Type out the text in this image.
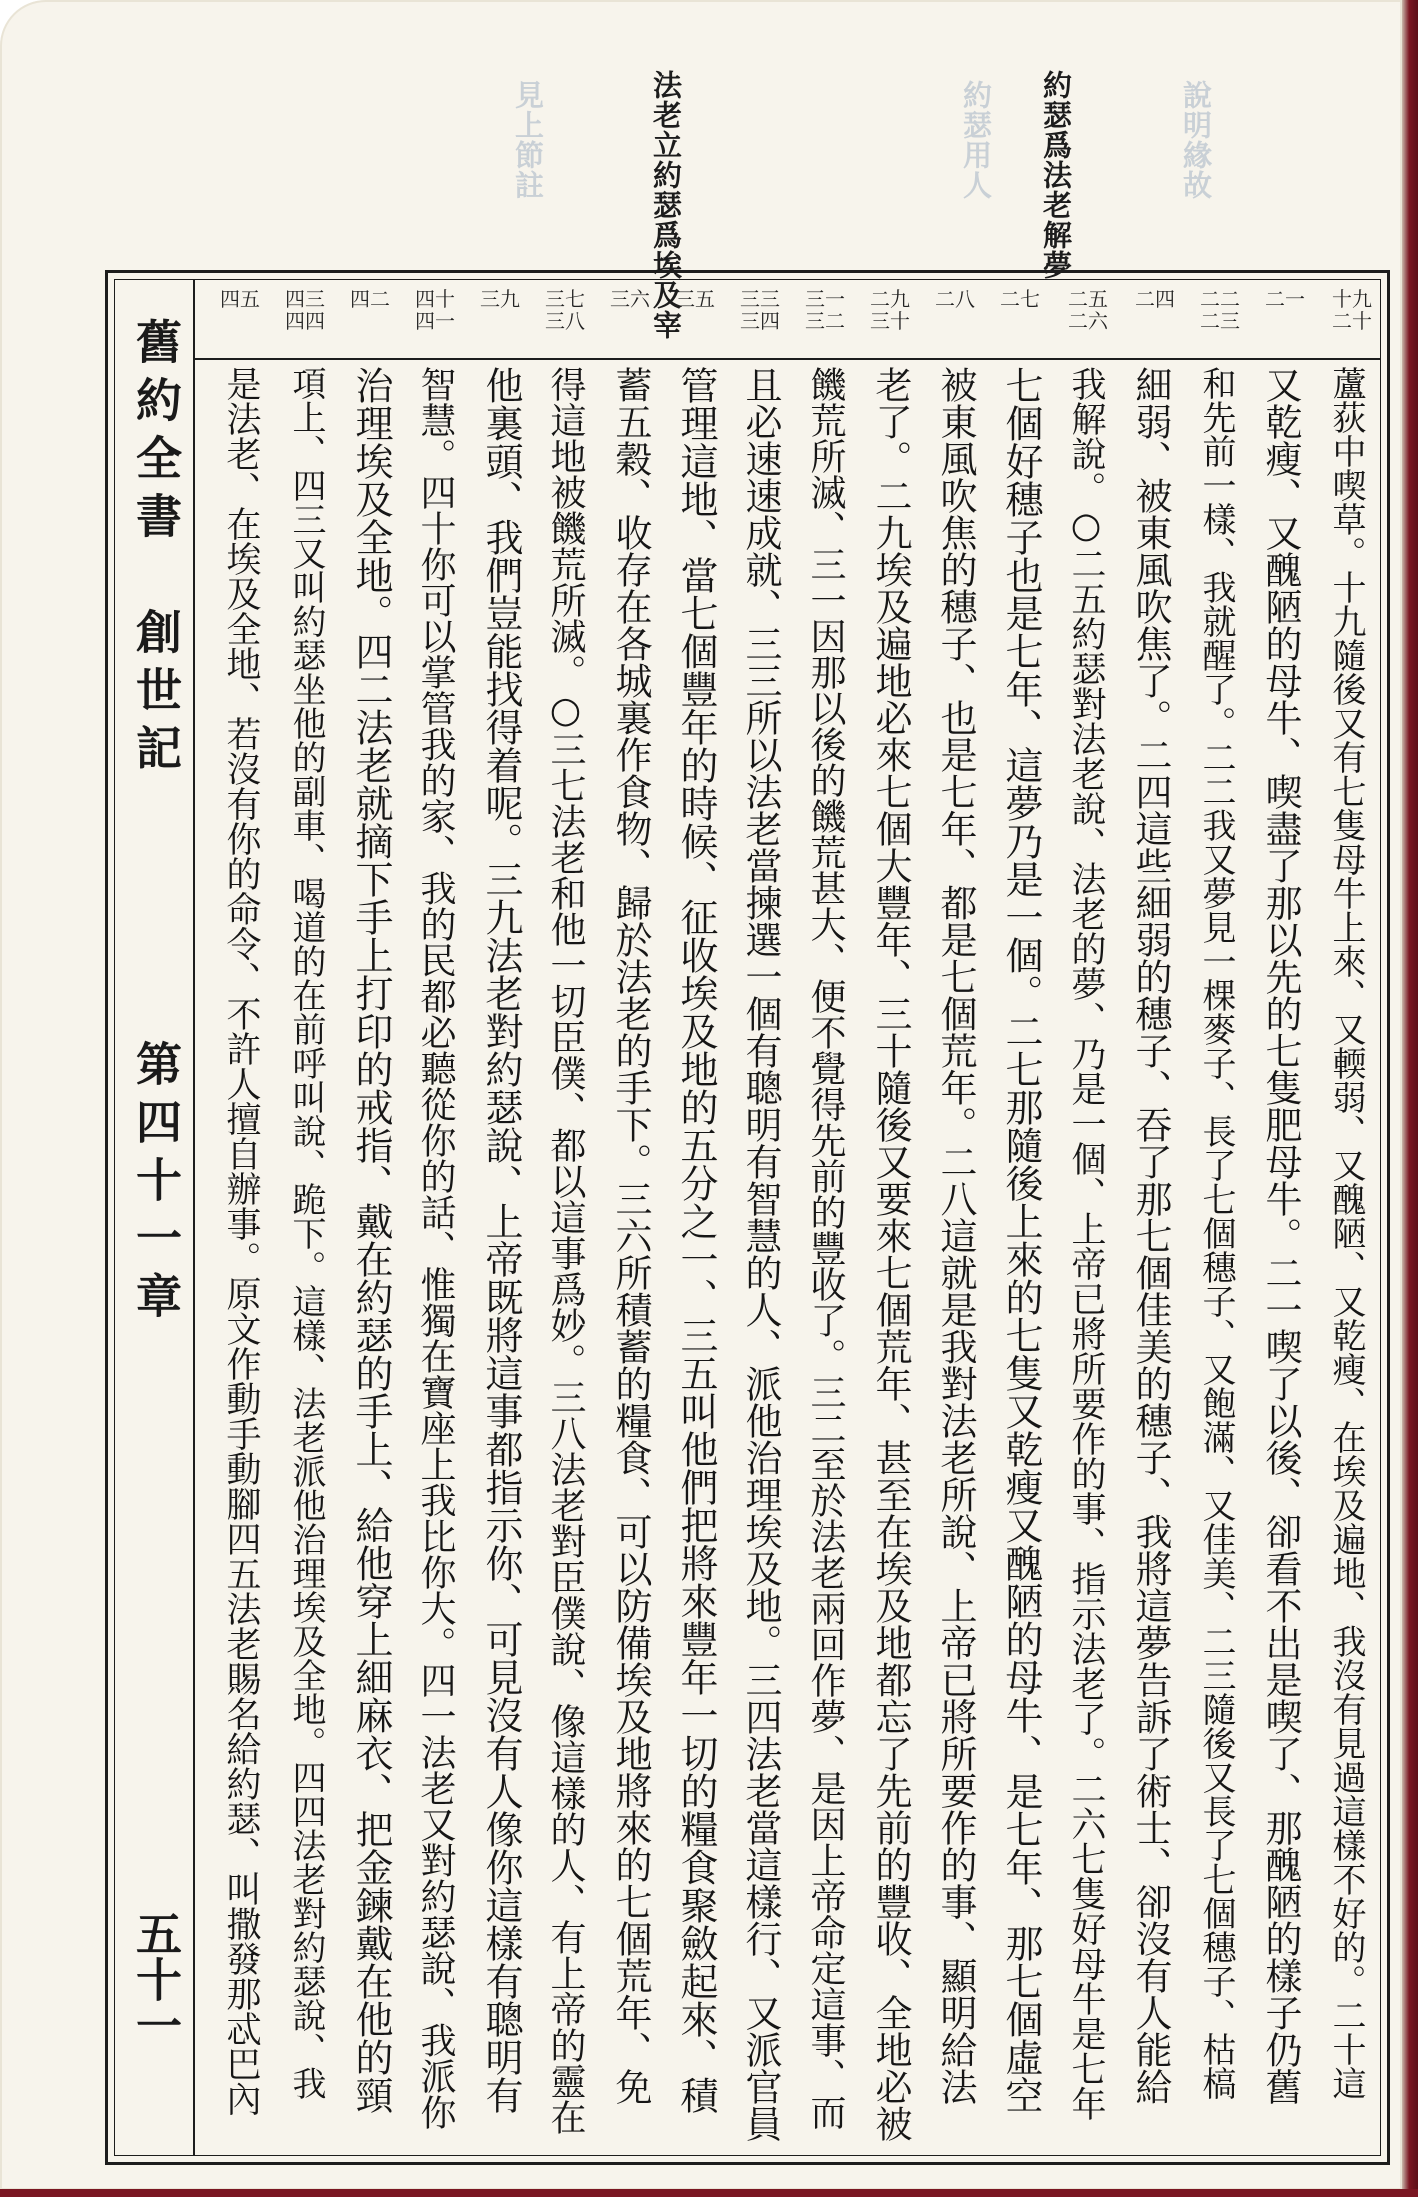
約瑟爲法老解夢
約瑟用人
法老立約瑟爲埃及宰
見上節註	說明緣故
舊約全書　創世記
第四十一章
五十一
十九
二十
二一
二二
二三
二四
二五
二六
二七
二八
二九
三十
三一
三二
三三
三四
三五
三六
三七
三八
三九
四十
四一
四二
四三
四四
四五
蘆荻中喫草。十九隨後又有七隻母牛上來、又輭弱、又醜陋、又乾瘦、在埃及遍地、我沒有見過這樣不好的。二十這
又乾瘦、又醜陋的母牛、喫盡了那以先的七隻肥母牛。二一喫了以後、卻看不出是喫了、那醜陋的樣子仍舊
和先前一樣、我就醒了。二二我又夢見一棵麥子、長了七個穗子、又飽滿、又佳美、二三隨後又長了七個穗子、枯槁
細弱、被東風吹焦了。二四這些細弱的穗子、吞了那七個佳美的穗子、我將這夢告訴了術士、卻沒有人能給
我解說。○二五約瑟對法老說、法老的夢、乃是一個、上帝已將所要作的事、指示法老了。二六七隻好母牛是七年
七個好穗子也是七年、這夢乃是一個。二七那隨後上來的七隻又乾瘦又醜陋的母牛、是七年、那七個虛空
被東風吹焦的穗子、也是七年、都是七個荒年。二八這就是我對法老所說、上帝已將所要作的事、顯明給法
老了。二九埃及遍地必來七個大豐年、三十隨後又要來七個荒年、甚至在埃及地都忘了先前的豐收、全地必被
饑荒所滅、三一因那以後的饑荒甚大、便不覺得先前的豐收了。三二至於法老兩回作夢、是因上帝命定這事、而
且必速速成就、三三所以法老當揀選一個有聰明有智慧的人、派他治理埃及地。三四法老當這樣行、又派官員
管理這地、當七個豐年的時候、征收埃及地的五分之一、三五叫他們把將來豐年一切的糧食聚斂起來、積
蓄五穀、收存在各城裏作食物、歸於法老的手下。三六所積蓄的糧食、可以防備埃及地將來的七個荒年、免
得這地被饑荒所滅。○三七法老和他一切臣僕、都以這事爲妙。三八法老對臣僕說、像這樣的人、有上帝的靈在
他裏頭、我們豈能找得着呢。三九法老對約瑟說、上帝既將這事都指示你、可見沒有人像你這樣有聰明有
智慧。四十你可以掌管我的家、我的民都必聽從你的話、惟獨在寶座上我比你大。四一法老又對約瑟說、我派你
治理埃及全地。四二法老就摘下手上打印的戒指、戴在約瑟的手上、給他穿上細麻衣、把金鍊戴在他的頸
項上、四三又叫約瑟坐他的副車、喝道的在前呼叫說、跪下。這樣、法老派他治理埃及全地。四四法老對約瑟說、我
是法老、在埃及全地、若沒有你的命令、不許人擅自辦事。原文作動手動腳四五法老賜名給約瑟、叫撒發那忒巴內
